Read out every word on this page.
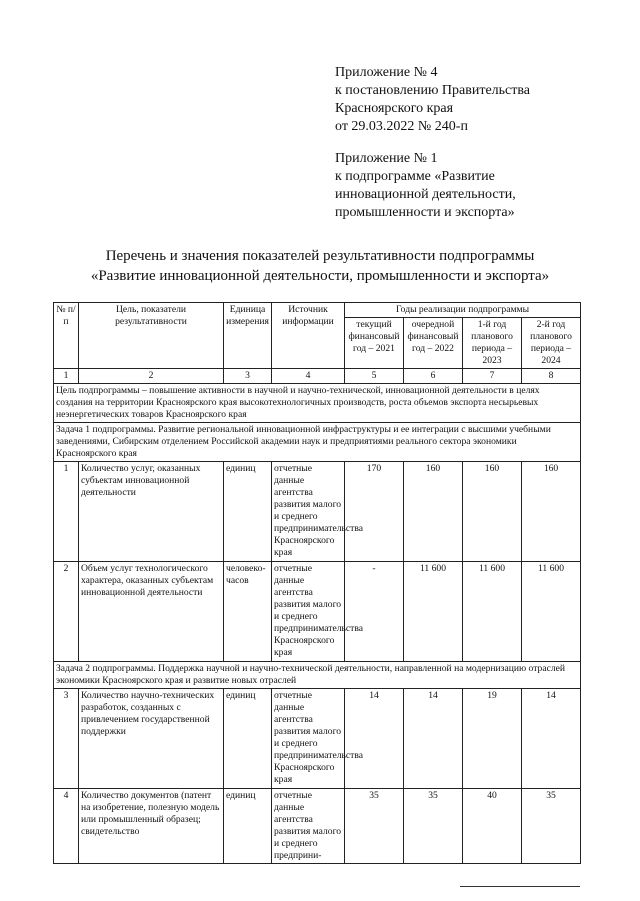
Приложение № 4
к постановлению Правительства
Красноярского края
от 29.03.2022 № 240-п
Приложение № 1
к подпрограмме «Развитие
инновационной деятельности,
промышленности и экспорта»
Перечень и значения показателей результативности подпрограммы
«Развитие инновационной деятельности, промышленности и экспорта»
№ п/п	Цель, показатели результативности	Единица измерения	Источник информации	Годы реализации подпрограммы			
				текущий финансовый год – 2021	очередной финансовый год – 2022	1-й год планового периода – 2023	2-й год планового периода – 2024
1	2	3	4	5	6	7	8
Цель подпрограммы – повышение активности в научной и научно-технической, инновационной деятельности в целях создания на территории Красноярского края высокотехнологичных производств, роста объемов экспорта несырьевых неэнергетических товаров Красноярского края							
Задача 1 подпрограммы. Развитие региональной инновационной инфраструктуры и ее интеграции с высшими учебными заведениями, Сибирским отделением Российской академии наук и предприятиями реального сектора экономики Красноярского края							
1	Количество услуг, оказанных субъектам инновационной деятельности	единиц	отчетные данные агентства развития малого и среднего предпринимательства Красноярского края	170	160	160	160
2	Объем услуг технологического характера, оказанных субъектам инновационной деятельности	человеко-часов	отчетные данные агентства развития малого и среднего предпринимательства Красноярского края	-	11 600	11 600	11 600
Задача 2 подпрограммы. Поддержка научной и научно-технической деятельности, направленной на модернизацию отраслей экономики Красноярского края и развитие новых отраслей							
3	Количество научно-технических разработок, созданных с привлечением государственной поддержки	единиц	отчетные данные агентства развития малого и среднего предпринимательства Красноярского края	14	14	19	14
4	Количество документов (патент на изобретение, полезную модель или промышленный образец; свидетельство	единиц	отчетные данные агентства развития малого и среднего предприни-	35	35	40	35
